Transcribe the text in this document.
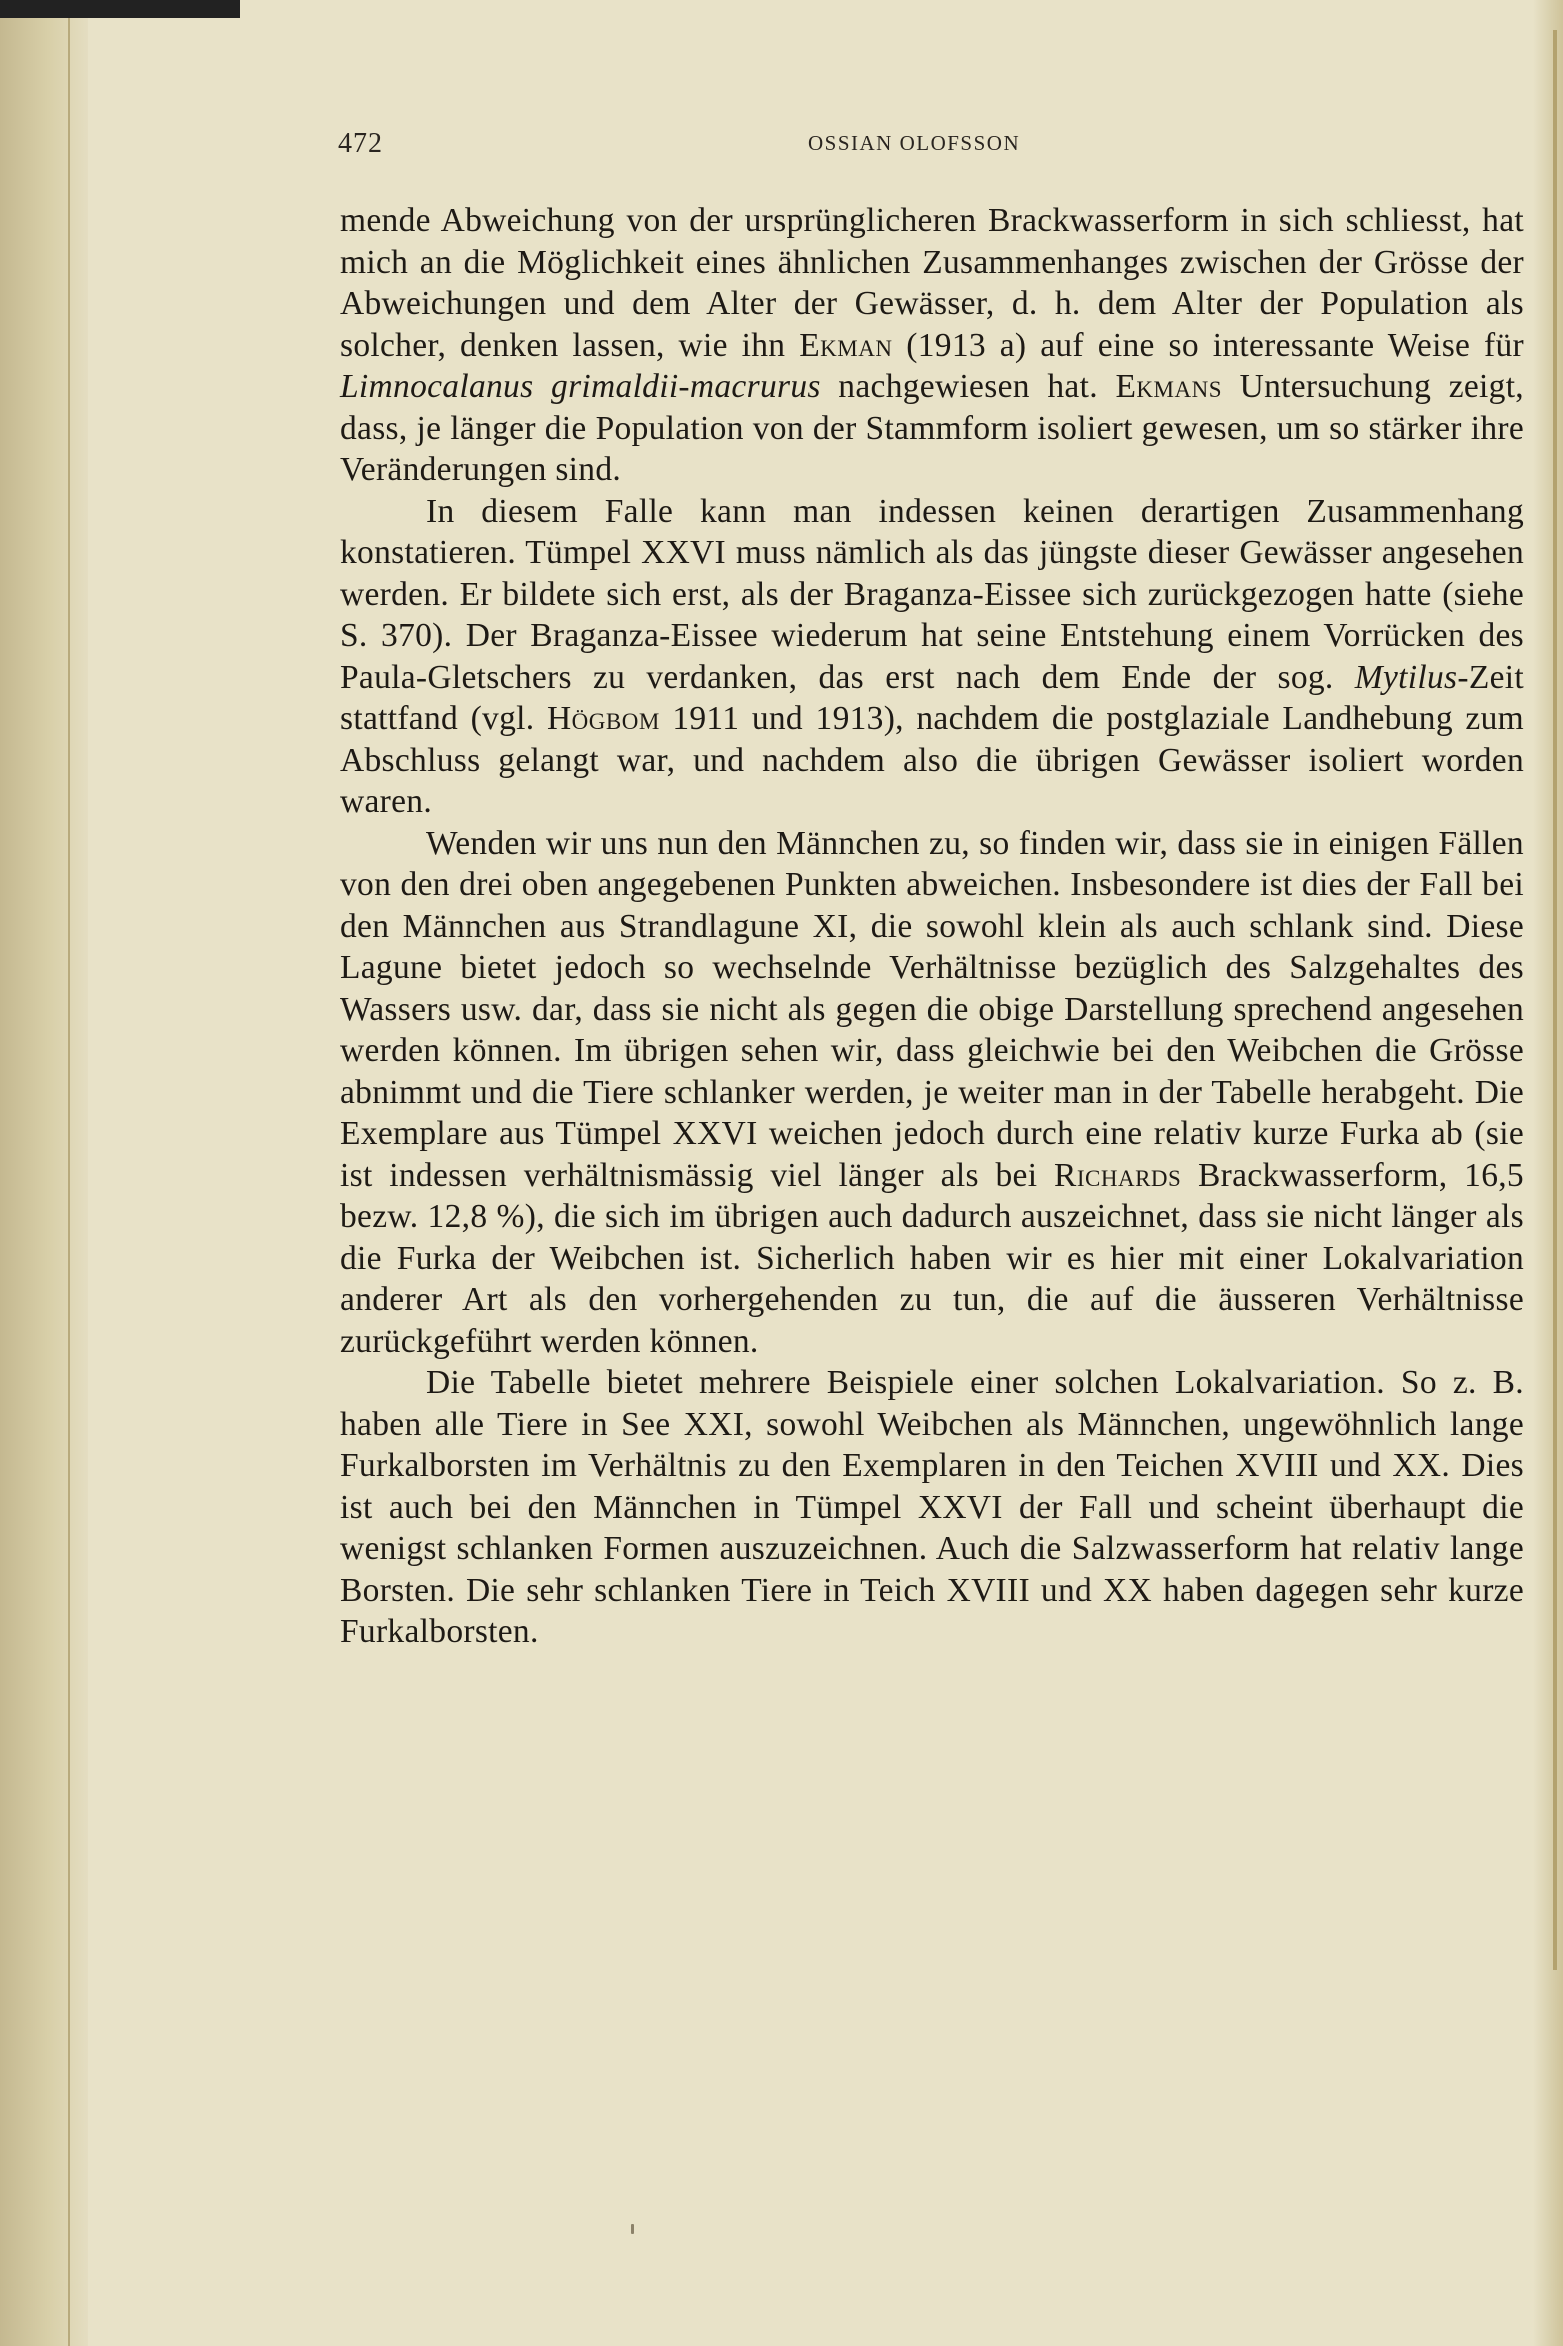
472	OSSIAN OLOFSSON

mende Abweichung von der ursprünglicheren Brackwasserform in sich schliesst, hat mich an die Möglichkeit eines ähnlichen Zusammenhanges zwischen der Grösse der Abweichungen und dem Alter der Gewässer, d. h. dem Alter der Population als solcher, denken lassen, wie ihn Ekman (1913 a) auf eine so interessante Weise für Limnocalanus grimaldii-macrurus nachgewiesen hat. Ekmans Untersuchung zeigt, dass, je länger die Population von der Stammform isoliert gewesen, um so stärker ihre Veränderungen sind.

In diesem Falle kann man indessen keinen derartigen Zusammenhang konstatieren. Tümpel XXVI muss nämlich als das jüngste dieser Gewässer angesehen werden. Er bildete sich erst, als der Braganza-Eissee sich zurückgezogen hatte (siehe S. 370). Der Braganza-Eissee wiederum hat seine Entstehung einem Vorrücken des Paula-Gletschers zu verdanken, das erst nach dem Ende der sog. Mytilus-Zeit stattfand (vgl. Högbom 1911 und 1913), nachdem die postglaziale Landhebung zum Abschluss gelangt war, und nachdem also die übrigen Gewässer isoliert worden waren.

Wenden wir uns nun den Männchen zu, so finden wir, dass sie in einigen Fällen von den drei oben angegebenen Punkten abweichen. Insbesondere ist dies der Fall bei den Männchen aus Strandlagune XI, die sowohl klein als auch schlank sind. Diese Lagune bietet jedoch so wechselnde Verhältnisse bezüglich des Salzgehaltes des Wassers usw. dar, dass sie nicht als gegen die obige Darstellung sprechend angesehen werden können. Im übrigen sehen wir, dass gleichwie bei den Weibchen die Grösse abnimmt und die Tiere schlanker werden, je weiter man in der Tabelle herabgeht. Die Exemplare aus Tümpel XXVI weichen jedoch durch eine relativ kurze Furka ab (sie ist indessen verhältnismässig viel länger als bei Richards Brackwasserform, 16,5 bezw. 12,8 %), die sich im übrigen auch dadurch auszeichnet, dass sie nicht länger als die Furka der Weibchen ist. Sicherlich haben wir es hier mit einer Lokalvariation anderer Art als den vorhergehenden zu tun, die auf die äusseren Verhältnisse zurückgeführt werden können.

Die Tabelle bietet mehrere Beispiele einer solchen Lokalvariation. So z. B. haben alle Tiere in See XXI, sowohl Weibchen als Männchen, ungewöhnlich lange Furkalborsten im Verhältnis zu den Exemplaren in den Teichen XVIII und XX. Dies ist auch bei den Männchen in Tümpel XXVI der Fall und scheint überhaupt die wenigst schlanken Formen auszuzeichnen. Auch die Salzwasserform hat relativ lange Borsten. Die sehr schlanken Tiere in Teich XVIII und XX haben dagegen sehr kurze Furkalborsten.
